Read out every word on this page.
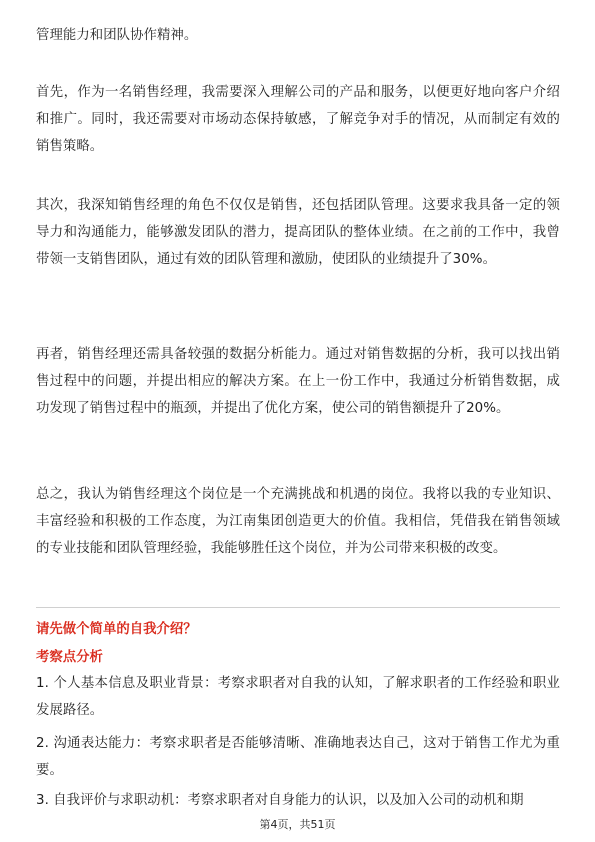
管理能力和团队协作精神。

首先，作为一名销售经理，我需要深入理解公司的产品和服务，以便更好地向客户介绍和推广。同时，我还需要对市场动态保持敏感，了解竞争对手的情况，从而制定有效的销售策略。

其次，我深知销售经理的角色不仅仅是销售，还包括团队管理。这要求我具备一定的领导力和沟通能力，能够激发团队的潜力，提高团队的整体业绩。在之前的工作中，我曾带领一支销售团队，通过有效的团队管理和激励，使团队的业绩提升了30%。

再者，销售经理还需具备较强的数据分析能力。通过对销售数据的分析，我可以找出销售过程中的问题，并提出相应的解决方案。在上一份工作中，我通过分析销售数据，成功发现了销售过程中的瓶颈，并提出了优化方案，使公司的销售额提升了20%。

总之，我认为销售经理这个岗位是一个充满挑战和机遇的岗位。我将以我的专业知识、丰富经验和积极的工作态度，为江南集团创造更大的价值。我相信，凭借我在销售领域的专业技能和团队管理经验，我能够胜任这个岗位，并为公司带来积极的改变。

请先做个简单的自我介绍？

考察点分析

1. 个人基本信息及职业背景：考察求职者对自我的认知，了解求职者的工作经验和职业发展路径。

2. 沟通表达能力：考察求职者是否能够清晰、准确地表达自己，这对于销售工作尤为重要。

3. 自我评价与求职动机：考察求职者对自身能力的认识，以及加入公司的动机和期

第4页，共51页
